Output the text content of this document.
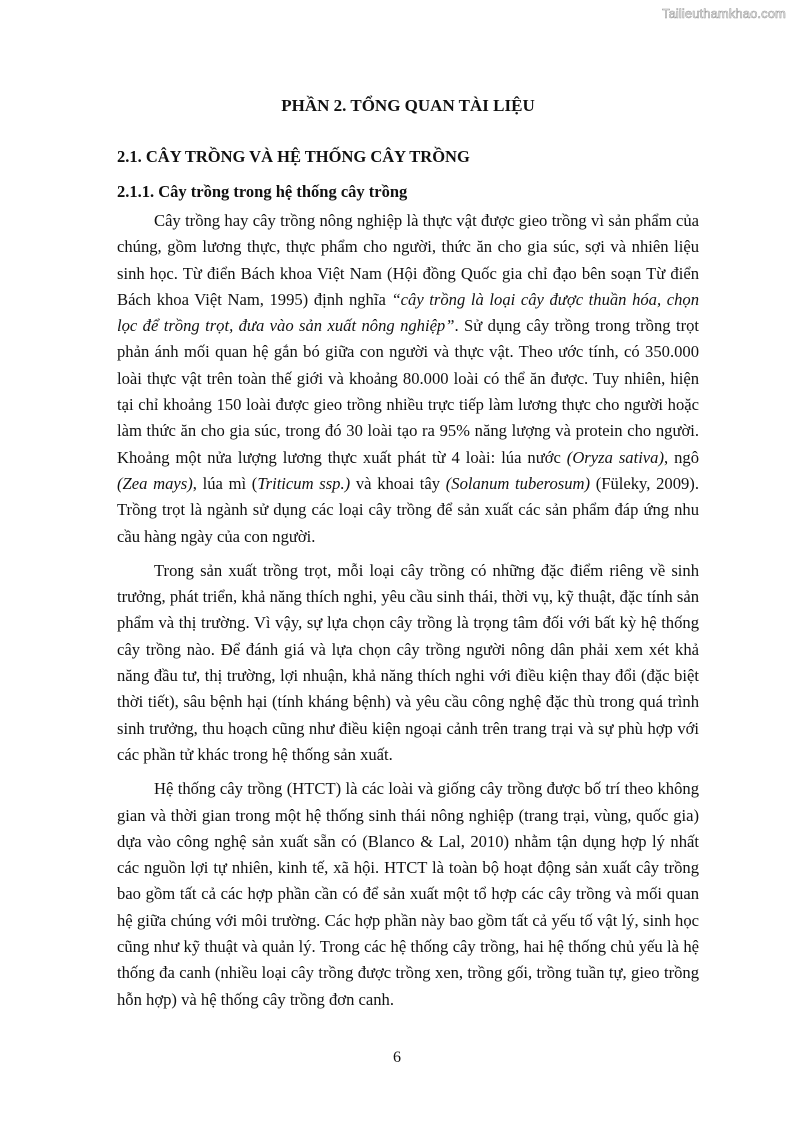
Tailieuthamkhao.com
PHẦN 2. TỔNG QUAN TÀI LIỆU
2.1. CÂY TRỒNG VÀ HỆ THỐNG CÂY TRỒNG
2.1.1. Cây trồng trong hệ thống cây trồng

Cây trồng hay cây trồng nông nghiệp là thực vật được gieo trồng vì sản phẩm của chúng, gồm lương thực, thực phẩm cho người, thức ăn cho gia súc, sợi và nhiên liệu sinh học. Từ điển Bách khoa Việt Nam (Hội đồng Quốc gia chỉ đạo bên soạn Từ điển Bách khoa Việt Nam, 1995) định nghĩa “cây trồng là loại cây được thuần hóa, chọn lọc để trồng trọt, đưa vào sản xuất nông nghiệp”. Sử dụng cây trồng trong trồng trọt phản ánh mối quan hệ gắn bó giữa con người và thực vật. Theo ước tính, có 350.000 loài thực vật trên toàn thế giới và khoảng 80.000 loài có thể ăn được. Tuy nhiên, hiện tại chỉ khoảng 150 loài được gieo trồng nhiều trực tiếp làm lương thực cho người hoặc làm thức ăn cho gia súc, trong đó 30 loài tạo ra 95% năng lượng và protein cho người. Khoảng một nửa lượng lương thực xuất phát từ 4 loài: lúa nước (Oryza sativa), ngô (Zea mays), lúa mì (Triticum ssp.) và khoai tây (Solanum tuberosum) (Füleky, 2009). Trồng trọt là ngành sử dụng các loại cây trồng để sản xuất các sản phẩm đáp ứng nhu cầu hàng ngày của con người.

Trong sản xuất trồng trọt, mỗi loại cây trồng có những đặc điểm riêng về sinh trưởng, phát triển, khả năng thích nghi, yêu cầu sinh thái, thời vụ, kỹ thuật, đặc tính sản phẩm và thị trường. Vì vậy, sự lựa chọn cây trồng là trọng tâm đối với bất kỳ hệ thống cây trồng nào. Để đánh giá và lựa chọn cây trồng người nông dân phải xem xét khả năng đầu tư, thị trường, lợi nhuận, khả năng thích nghi với điều kiện thay đổi (đặc biệt thời tiết), sâu bệnh hại (tính kháng bệnh) và yêu cầu công nghệ đặc thù trong quá trình sinh trưởng, thu hoạch cũng như điều kiện ngoại cảnh trên trang trại và sự phù hợp với các phần tử khác trong hệ thống sản xuất.

Hệ thống cây trồng (HTCT) là các loài và giống cây trồng được bố trí theo không gian và thời gian trong một hệ thống sinh thái nông nghiệp (trang trại, vùng, quốc gia) dựa vào công nghệ sản xuất sẵn có (Blanco & Lal, 2010) nhằm tận dụng hợp lý nhất các nguồn lợi tự nhiên, kinh tế, xã hội. HTCT là toàn bộ hoạt động sản xuất cây trồng bao gồm tất cả các hợp phần cần có để sản xuất một tổ hợp các cây trồng và mối quan hệ giữa chúng với môi trường. Các hợp phần này bao gồm tất cả yếu tố vật lý, sinh học cũng như kỹ thuật và quản lý. Trong các hệ thống cây trồng, hai hệ thống chủ yếu là hệ thống đa canh (nhiều loại cây trồng được trồng xen, trồng gối, trồng tuần tự, gieo trồng hỗn hợp) và hệ thống cây trồng đơn canh.

6
